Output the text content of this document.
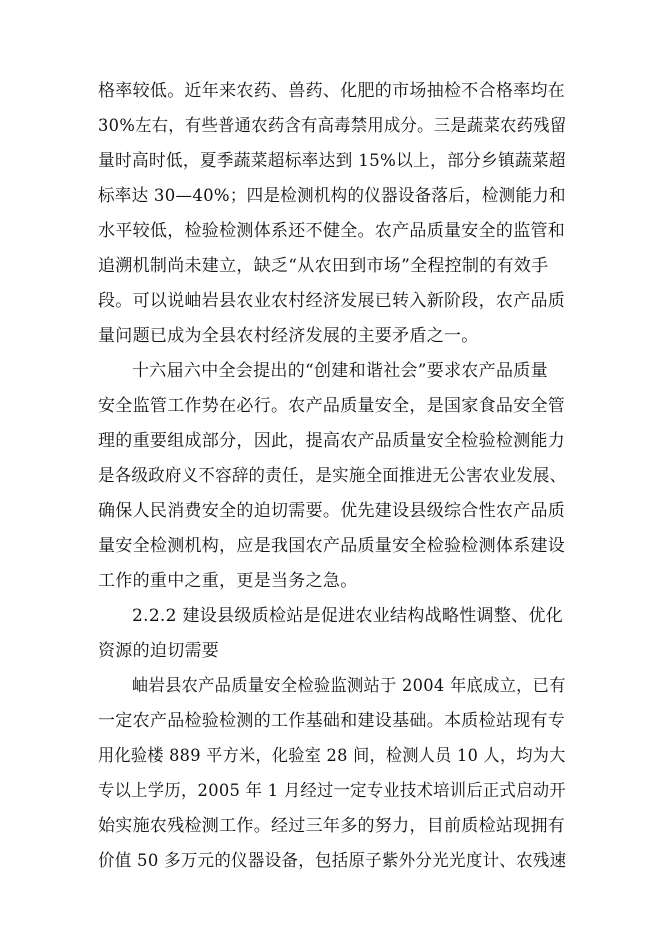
格率较低。近年来农药、兽药、化肥的市场抽检不合格率均在
30%左右，有些普通农药含有高毒禁用成分。三是蔬菜农药残留
量时高时低，夏季蔬菜超标率达到 15%以上，部分乡镇蔬菜超
标率达 30—40%；四是检测机构的仪器设备落后，检测能力和
水平较低，检验检测体系还不健全。农产品质量安全的监管和
追溯机制尚未建立，缺乏“从农田到市场”全程控制的有效手
段。可以说岫岩县农业农村经济发展已转入新阶段，农产品质
量问题已成为全县农村经济发展的主要矛盾之一。
十六届六中全会提出的“创建和谐社会”要求农产品质量
安全监管工作势在必行。农产品质量安全，是国家食品安全管
理的重要组成部分，因此，提高农产品质量安全检验检测能力
是各级政府义不容辞的责任，是实施全面推进无公害农业发展、
确保人民消费安全的迫切需要。优先建设县级综合性农产品质
量安全检测机构，应是我国农产品质量安全检验检测体系建设
工作的重中之重，更是当务之急。
2.2.2 建设县级质检站是促进农业结构战略性调整、优化
资源的迫切需要
岫岩县农产品质量安全检验监测站于 2004 年底成立，已有
一定农产品检验检测的工作基础和建设基础。本质检站现有专
用化验楼 889 平方米，化验室 28 间，检测人员 10 人，均为大
专以上学历，2005 年 1 月经过一定专业技术培训后正式启动开
始实施农残检测工作。经过三年多的努力，目前质检站现拥有
价值 50 多万元的仪器设备，包括原子紫外分光光度计、农残速
